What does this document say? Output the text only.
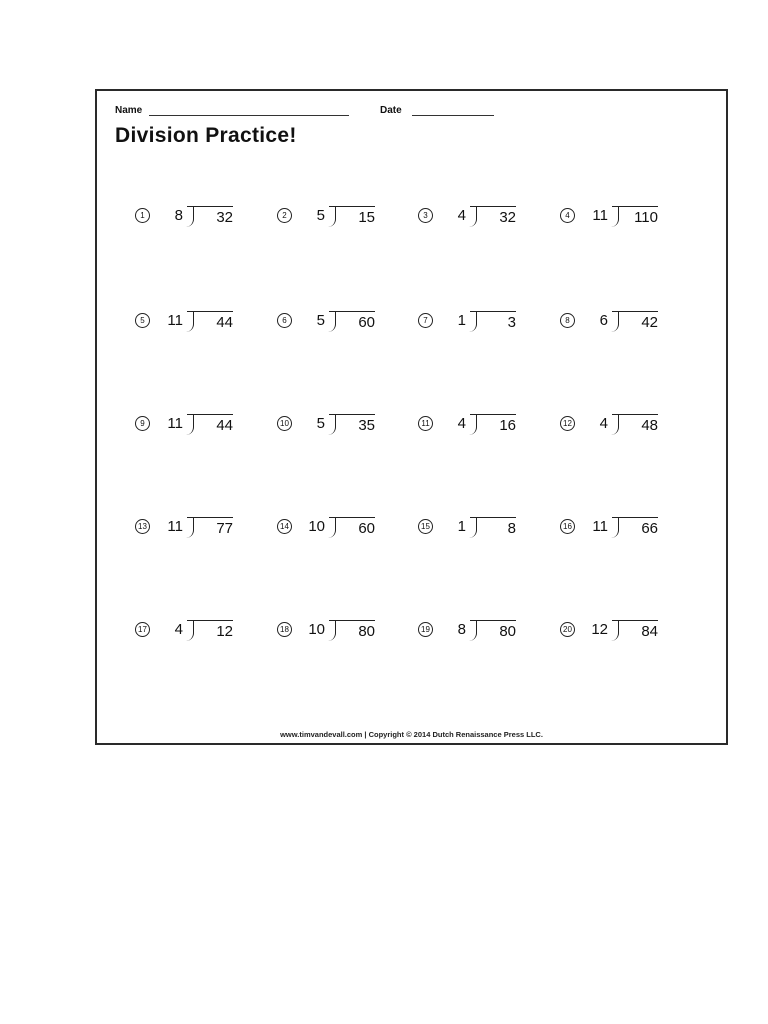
Name	Date
Division Practice!
1	8 32	2	5 15	3	4 32	4	11 110
5	11 44	6	5 60	7	1	3	8	6 42
9	11 44	10 5 35	11 4 16	12 4 48
13 11 77	14 10 60	15 1	8	16 11 66
17 4 12	18 10 80	19 8 80	20 12 84
www.timvandevall.com | Copyright © 2014 Dutch Renaissance Press LLC.
